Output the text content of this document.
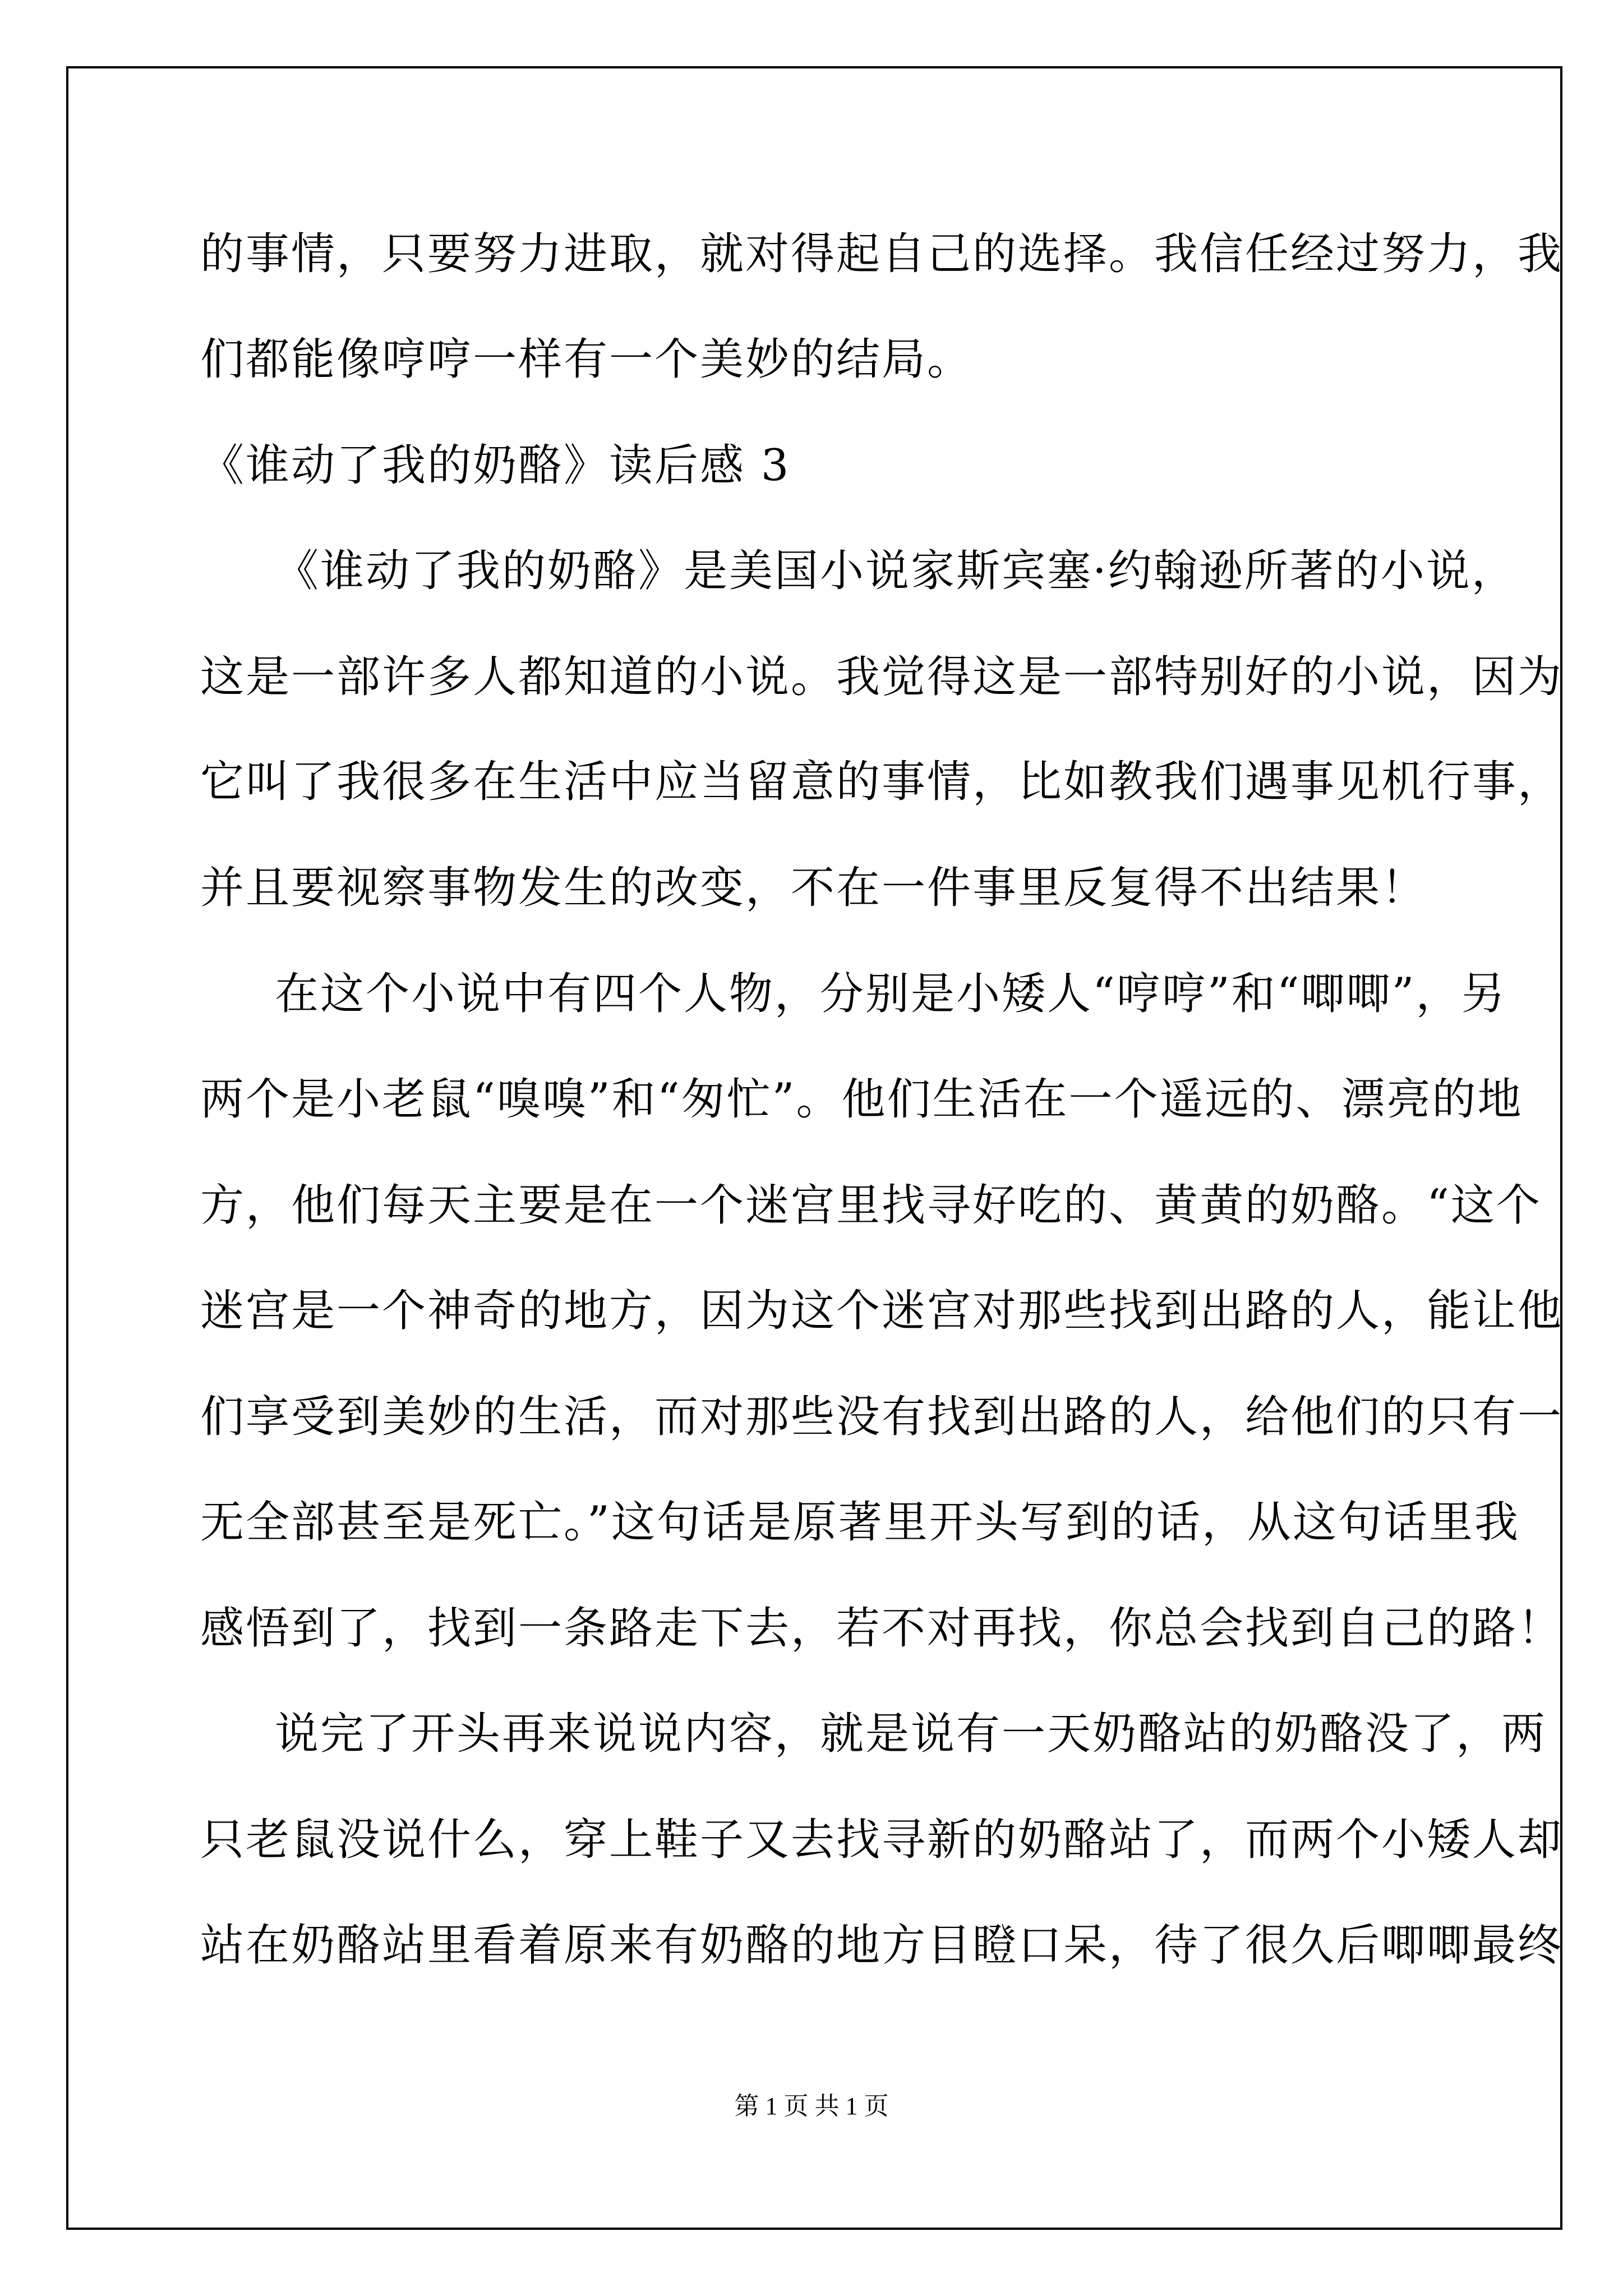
的事情，只要努力进取，就对得起自己的选择。我信任经过努力，我
们都能像哼哼一样有一个美妙的结局。
《谁动了我的奶酪》读后感 3
《谁动了我的奶酪》是美国小说家斯宾塞·约翰逊所著的小说，
这是一部许多人都知道的小说。我觉得这是一部特别好的小说，因为
它叫了我很多在生活中应当留意的事情，比如教我们遇事见机行事，
并且要视察事物发生的改变，不在一件事里反复得不出结果！
在这个小说中有四个人物，分别是小矮人“哼哼”和“唧唧”，另
两个是小老鼠“嗅嗅”和“匆忙”。他们生活在一个遥远的、漂亮的地
方，他们每天主要是在一个迷宫里找寻好吃的、黄黄的奶酪。“这个
迷宫是一个神奇的地方，因为这个迷宫对那些找到出路的人，能让他
们享受到美妙的生活，而对那些没有找到出路的人，给他们的只有一
无全部甚至是死亡。”这句话是原著里开头写到的话，从这句话里我
感悟到了，找到一条路走下去，若不对再找，你总会找到自己的路！
说完了开头再来说说内容，就是说有一天奶酪站的奶酪没了，两
只老鼠没说什么，穿上鞋子又去找寻新的奶酪站了，而两个小矮人却
站在奶酪站里看着原来有奶酪的地方目瞪口呆，待了很久后唧唧最终
第 1 页 共 1 页
